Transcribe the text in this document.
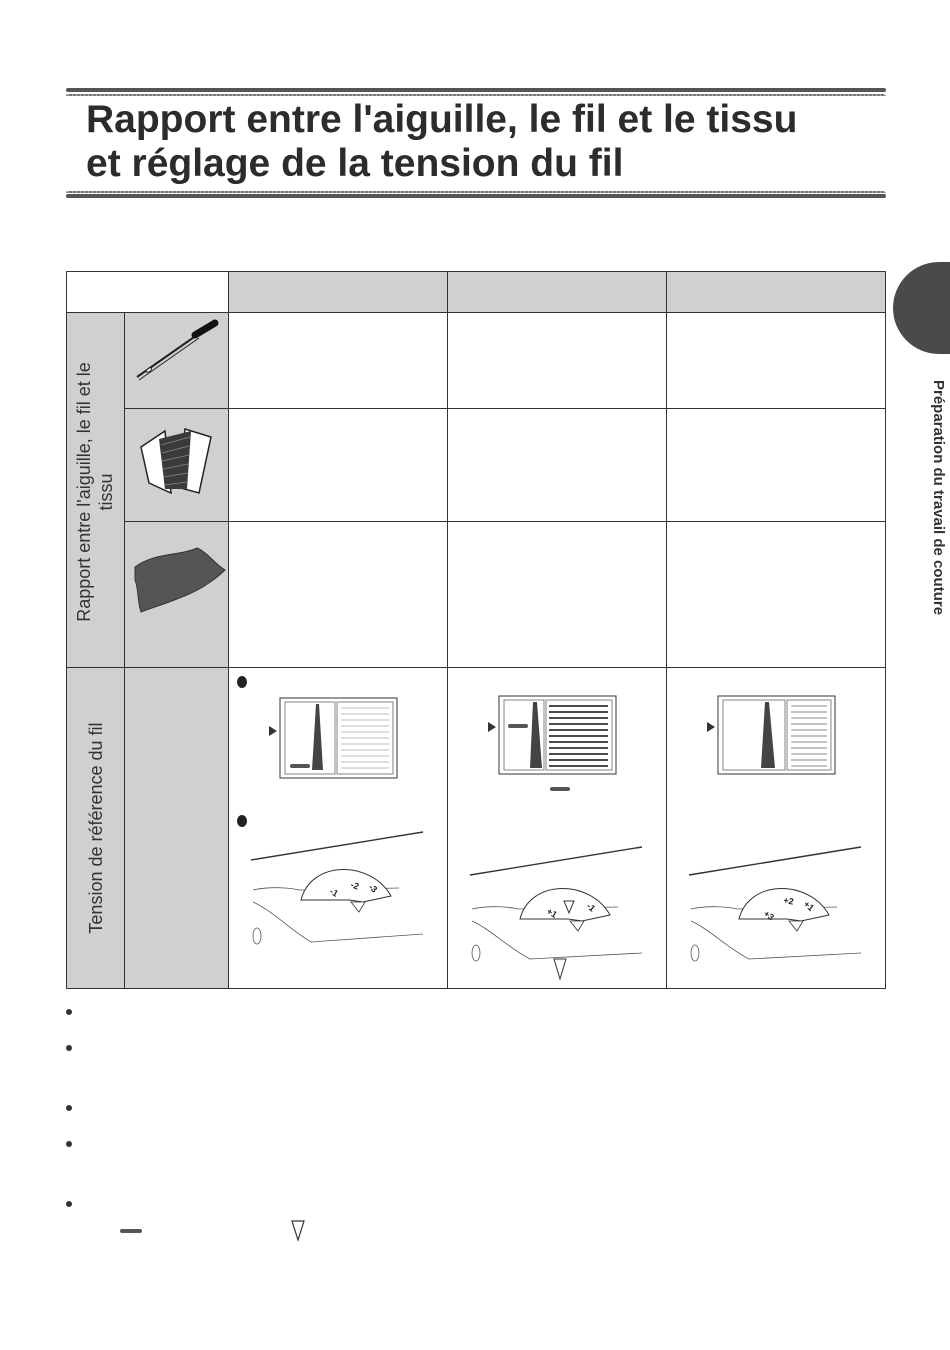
Rapport entre l'aiguille, le fil et le tissu
et réglage de la tension du fil
Préparation du travail de couture
Rapport entre l'aiguille, le fil et le tissu
Tension de référence du fil	-1
-2 -3
+1	-1
+3
+2 +1
